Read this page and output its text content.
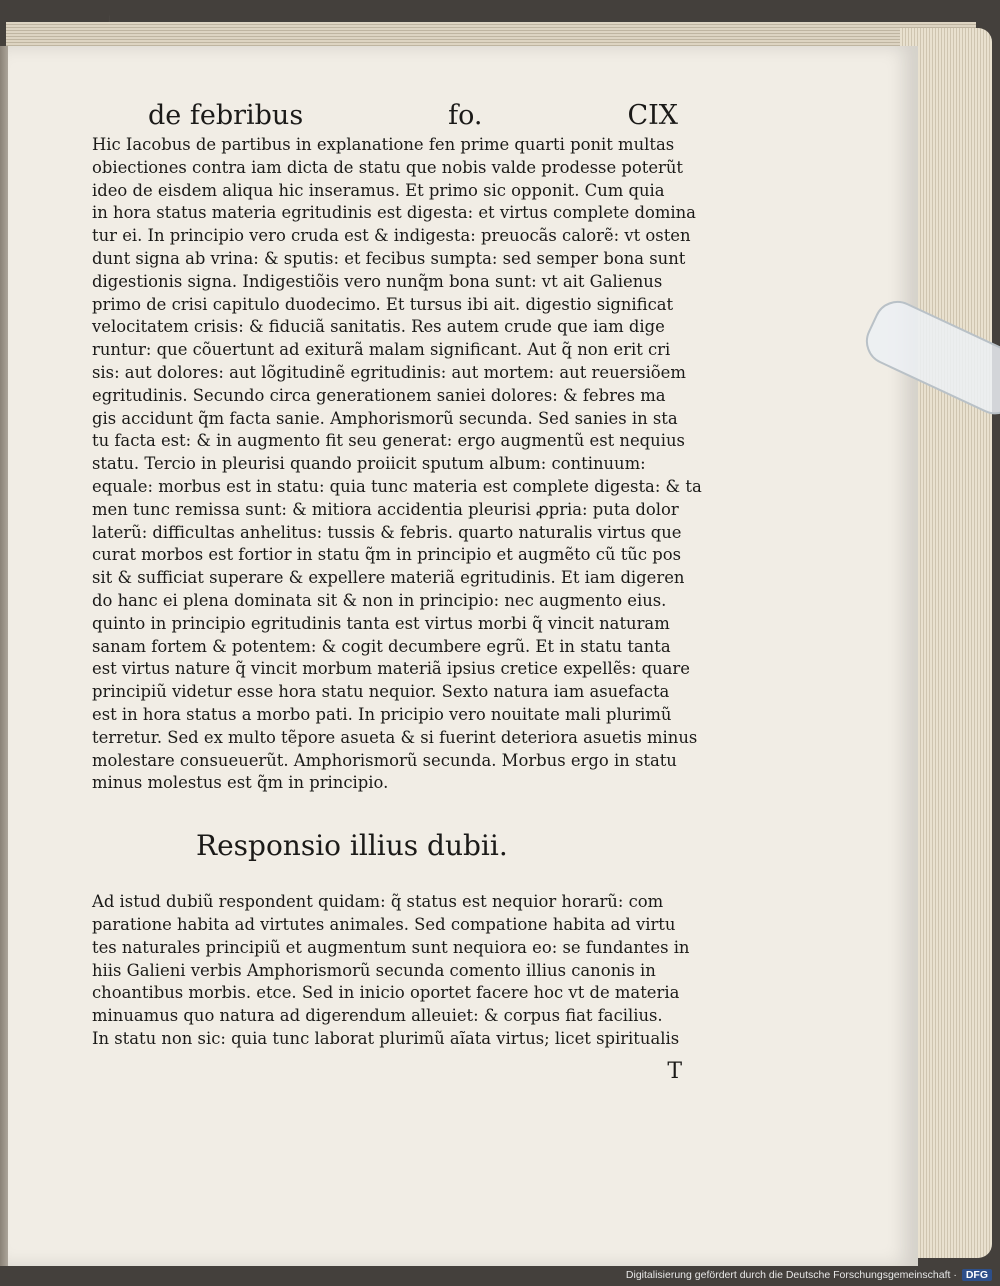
de febribus	fo.	CIX

Hic Iacobus de partibus in explanatione fen prime quarti ponit multas

obiectiones contra iam dicta de statu que nobis valde prodesse poterũt

ideo de eisdem aliqua hic inseramus. Et primo sic opponit. Cum quia

in hora status materia egritudinis est digesta: et virtus complete domina

tur ei. In principio vero cruda est & indigesta: preuocãs calorẽ: vt osten

dunt signa ab vrina: & sputis: et fecibus sumpta: sed semper bona sunt

digestionis signa. Indigestiõis vero nunq̃m bona sunt: vt ait Galienus

primo de crisi capitulo duodecimo. Et tursus ibi ait. digestio significat

velocitatem crisis: & fiduciã sanitatis. Res autem crude que iam dige

runtur: que cõuertunt ad exiturã malam significant. Aut q̃ non erit cri

sis: aut dolores: aut lõgitudinẽ egritudinis: aut mortem: aut reuersiõem

egritudinis. Secundo circa generationem saniei dolores: & febres ma

gis accidunt q̃m facta sanie. Amphorismorũ secunda. Sed sanies in sta

tu facta est: & in augmento fit seu generat: ergo augmentũ est nequius

statu. Tercio in pleurisi quando proiicit sputum album: continuum:

equale: morbus est in statu: quia tunc materia est complete digesta: & ta

men tunc remissa sunt: & mitiora accidentia pleurisi ꝓpria: puta dolor

laterũ: difficultas anhelitus: tussis & febris. quarto naturalis virtus que

curat morbos est fortior in statu q̃m in principio et augmẽto cũ tũc pos

sit & sufficiat superare & expellere materiã egritudinis. Et iam digeren

do hanc ei plena dominata sit & non in principio: nec augmento eius.

quinto in principio egritudinis tanta est virtus morbi q̃ vincit naturam

sanam fortem & potentem: & cogit decumbere egrũ. Et in statu tanta

est virtus nature q̃ vincit morbum materiã ipsius cretice expellẽs: quare

principiũ videtur esse hora statu nequior. Sexto natura iam asuefacta

est in hora status a morbo pati. In pricipio vero nouitate mali plurimũ

terretur. Sed ex multo tẽpore asueta & si fuerint deteriora asuetis minus

molestare consueuerũt. Amphorismorũ secunda. Morbus ergo in statu

minus molestus est q̃m in principio.

Responsio illius dubii.

Ad istud dubiũ respondent quidam: q̃ status est nequior horarũ: com

paratione habita ad virtutes animales. Sed compatione habita ad virtu

tes naturales principiũ et augmentum sunt nequiora eo: se fundantes in

hiis Galieni verbis Amphorismorũ secunda comento illius canonis in

choantibus morbis. etce. Sed in inicio oportet facere hoc vt de materia

minuamus quo natura ad digerendum alleuiet: & corpus fiat facilius.

In statu non sic: quia tunc laborat plurimũ aĩata virtus; licet spiritualis

T
Digitalisierung gefördert durch die Deutsche Forschungsgemeinschaft · DFG
